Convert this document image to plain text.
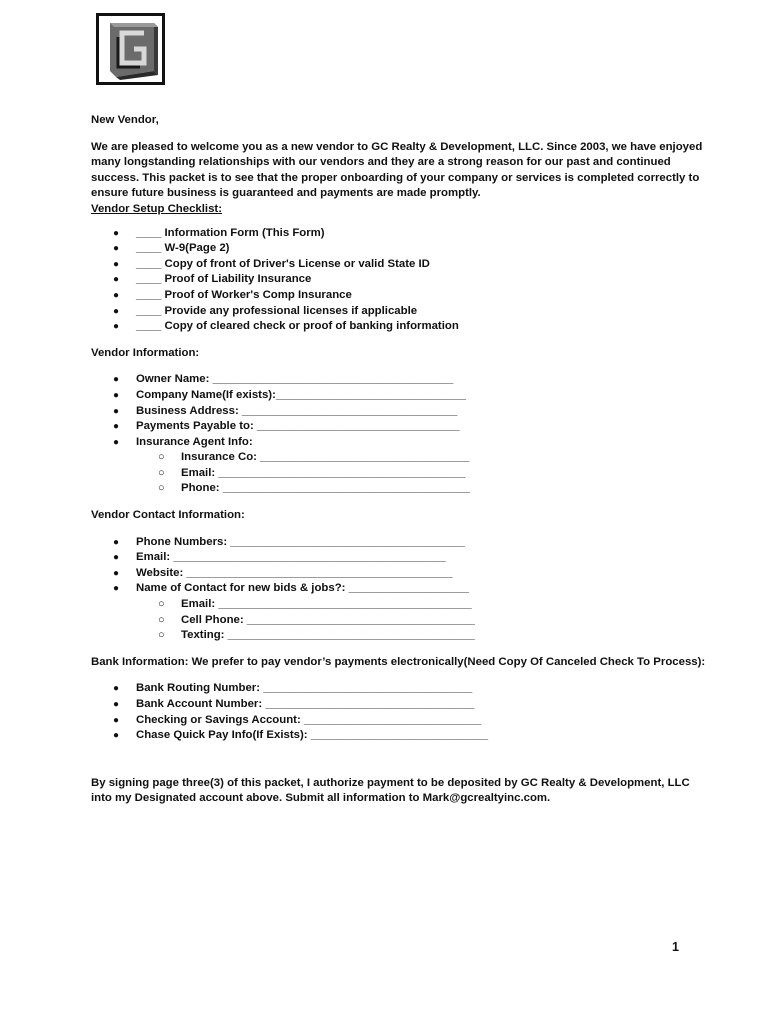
New Vendor,

We are pleased to welcome you as a new vendor to GC Realty & Development, LLC. Since 2003, we have enjoyed many longstanding relationships with our vendors and they are a strong reason for our past and continued success. This packet is to see that the proper onboarding of your company or services is completed correctly to ensure future business is guaranteed and payments are made promptly.

Vendor Setup Checklist:

● ____ Information Form (This Form)
● ____ W-9(Page 2)
● ____ Copy of front of Driver's License or valid State ID
● ____ Proof of Liability Insurance
● ____ Proof of Worker's Comp Insurance
● ____ Provide any professional licenses if applicable
● ____ Copy of cleared check or proof of banking information

Vendor Information:

● Owner Name: ______________________________________
● Company Name(If exists):______________________________
● Business Address: __________________________________
● Payments Payable to: ________________________________
● Insurance Agent Info:
○ Insurance Co: _________________________________
○ Email: _______________________________________
○ Phone: _______________________________________

Vendor Contact Information:

● Phone Numbers: _____________________________________
● Email: ___________________________________________
● Website: __________________________________________
● Name of Contact for new bids & jobs?: ___________________
○ Email: ________________________________________
○ Cell Phone: ____________________________________
○ Texting: _______________________________________

Bank Information: We prefer to pay vendor’s payments electronically(Need Copy Of Canceled Check To Process):

● Bank Routing Number: _________________________________
● Bank Account Number: _________________________________
● Checking or Savings Account: ____________________________
● Chase Quick Pay Info(If Exists): ____________________________

By signing page three(3) of this packet, I authorize payment to be deposited by GC Realty & Development, LLC into my Designated account above. Submit all information to Mark@gcrealtyinc.com.

1
